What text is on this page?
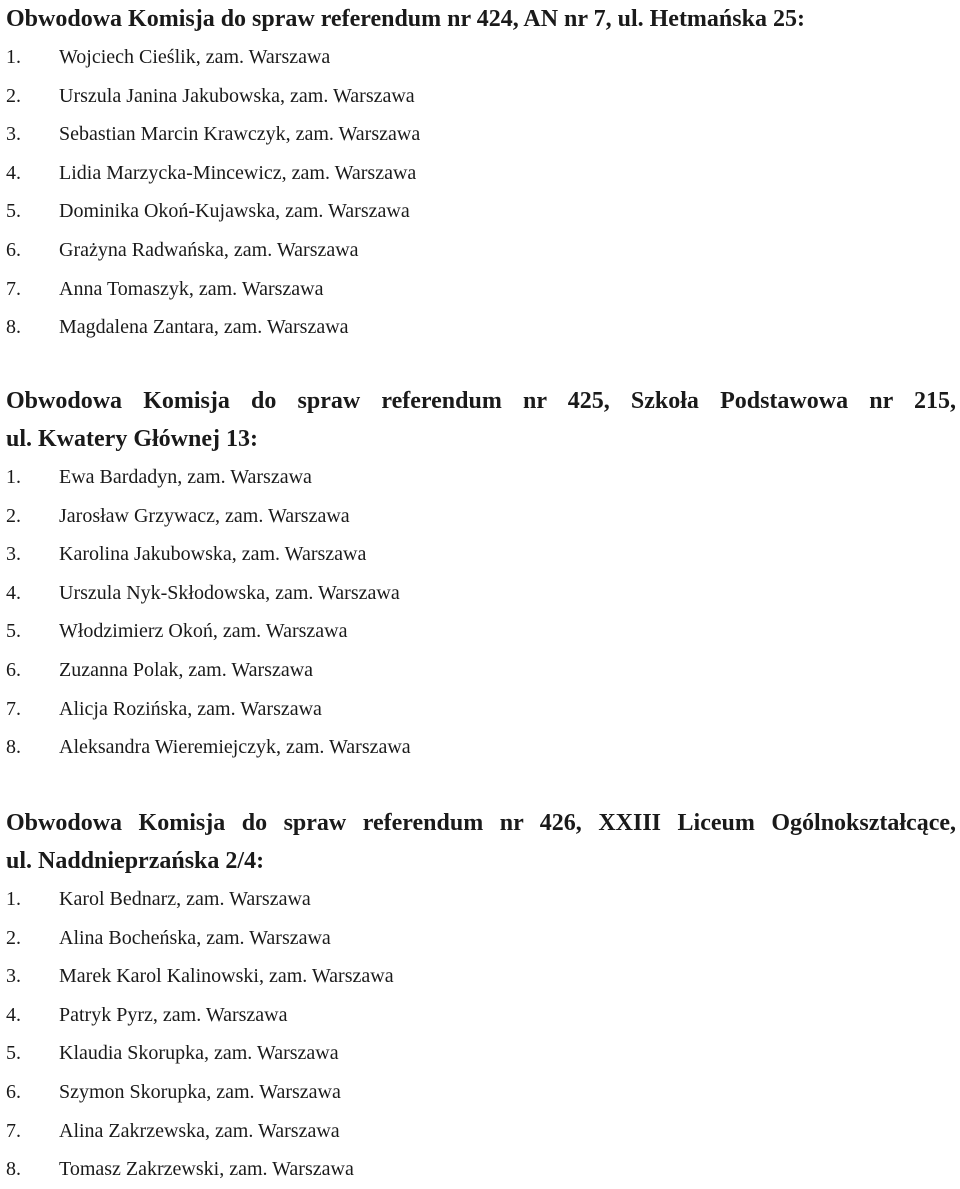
Obwodowa Komisja do spraw referendum nr 424, AN nr 7, ul. Hetmańska 25:
1.	Wojciech Cieślik, zam. Warszawa
2.	Urszula Janina Jakubowska, zam. Warszawa
3.	Sebastian Marcin Krawczyk, zam. Warszawa
4.	Lidia Marzycka-Mincewicz, zam. Warszawa
5.	Dominika Okoń-Kujawska, zam. Warszawa
6.	Grażyna Radwańska, zam. Warszawa
7.	Anna Tomaszyk, zam. Warszawa
8.	Magdalena Zantara, zam. Warszawa
Obwodowa Komisja do spraw referendum nr 425, Szkoła Podstawowa nr 215,
ul. Kwatery Głównej 13:
1.	Ewa Bardadyn, zam. Warszawa
2.	Jarosław Grzywacz, zam. Warszawa
3.	Karolina Jakubowska, zam. Warszawa
4.	Urszula Nyk-Skłodowska, zam. Warszawa
5.	Włodzimierz Okoń, zam. Warszawa
6.	Zuzanna Polak, zam. Warszawa
7.	Alicja Rozińska, zam. Warszawa
8.	Aleksandra Wieremiejczyk, zam. Warszawa
Obwodowa Komisja do spraw referendum nr 426, XXIII Liceum Ogólnokształcące,
ul. Naddnieprzańska 2/4:
1.	Karol Bednarz, zam. Warszawa
2.	Alina Bocheńska, zam. Warszawa
3.	Marek Karol Kalinowski, zam. Warszawa
4.	Patryk Pyrz, zam. Warszawa
5.	Klaudia Skorupka, zam. Warszawa
6.	Szymon Skorupka, zam. Warszawa
7.	Alina Zakrzewska, zam. Warszawa
8.	Tomasz Zakrzewski, zam. Warszawa
